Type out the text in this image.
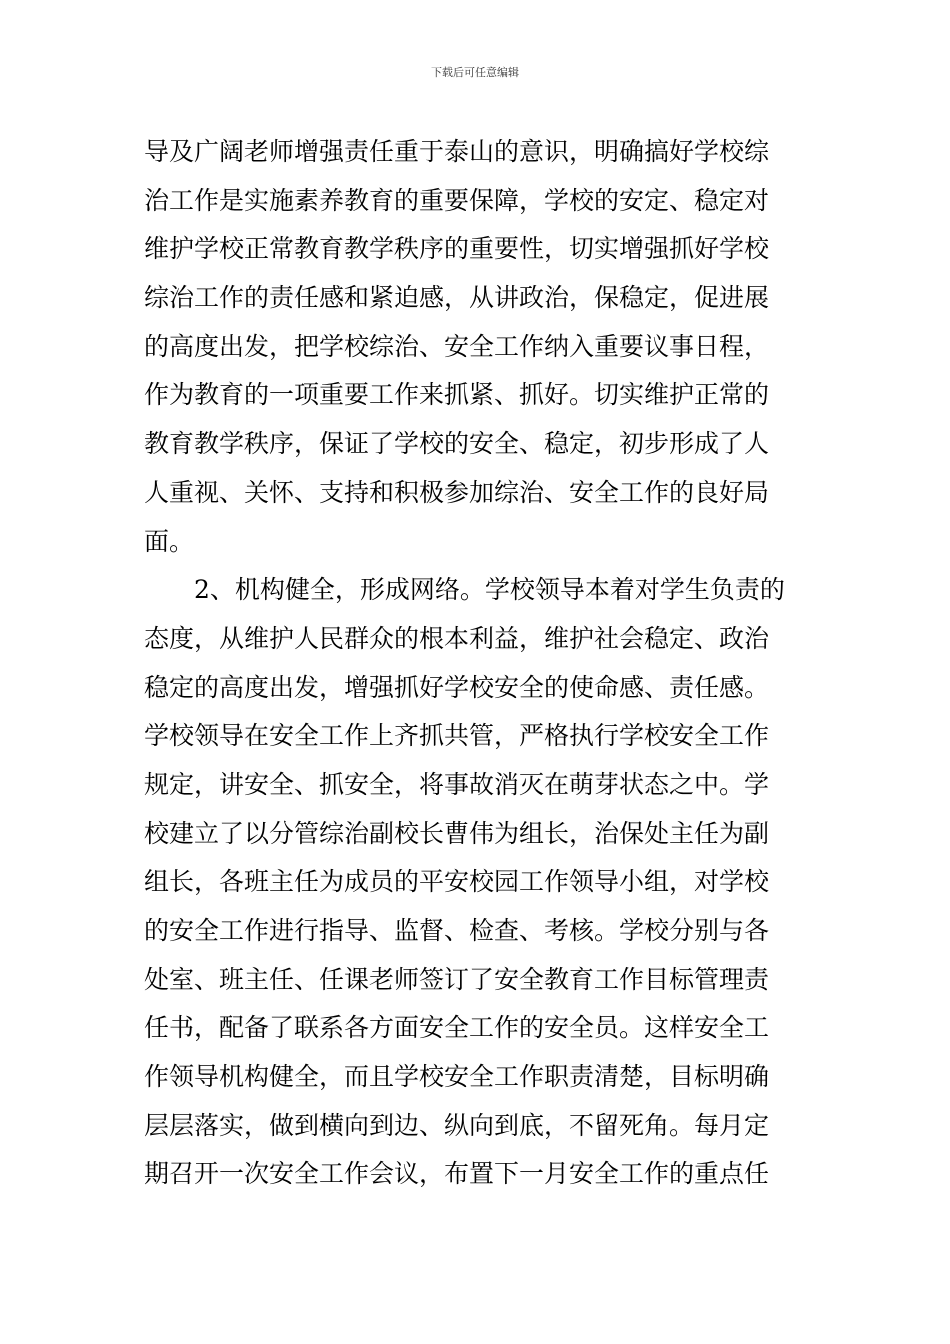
下载后可任意编辑
导及广阔老师增强责任重于泰山的意识，明确搞好学校综
治工作是实施素养教育的重要保障，学校的安定、稳定对
维护学校正常教育教学秩序的重要性，切实增强抓好学校
综治工作的责任感和紧迫感，从讲政治，保稳定，促进展
的高度出发，把学校综治、安全工作纳入重要议事日程，
作为教育的一项重要工作来抓紧、抓好。切实维护正常的
教育教学秩序，保证了学校的安全、稳定，初步形成了人
人重视、关怀、支持和积极参加综治、安全工作的良好局
面。
2、机构健全，形成网络。学校领导本着对学生负责的
态度，从维护人民群众的根本利益，维护社会稳定、政治
稳定的高度出发，增强抓好学校安全的使命感、责任感。
学校领导在安全工作上齐抓共管，严格执行学校安全工作
规定，讲安全、抓安全，将事故消灭在萌芽状态之中。学
校建立了以分管综治副校长曹伟为组长，治保处主任为副
组长，各班主任为成员的平安校园工作领导小组，对学校
的安全工作进行指导、监督、检查、考核。学校分别与各
处室、班主任、任课老师签订了安全教育工作目标管理责
任书，配备了联系各方面安全工作的安全员。这样安全工
作领导机构健全，而且学校安全工作职责清楚，目标明确
层层落实，做到横向到边、纵向到底，不留死角。每月定
期召开一次安全工作会议，布置下一月安全工作的重点任
